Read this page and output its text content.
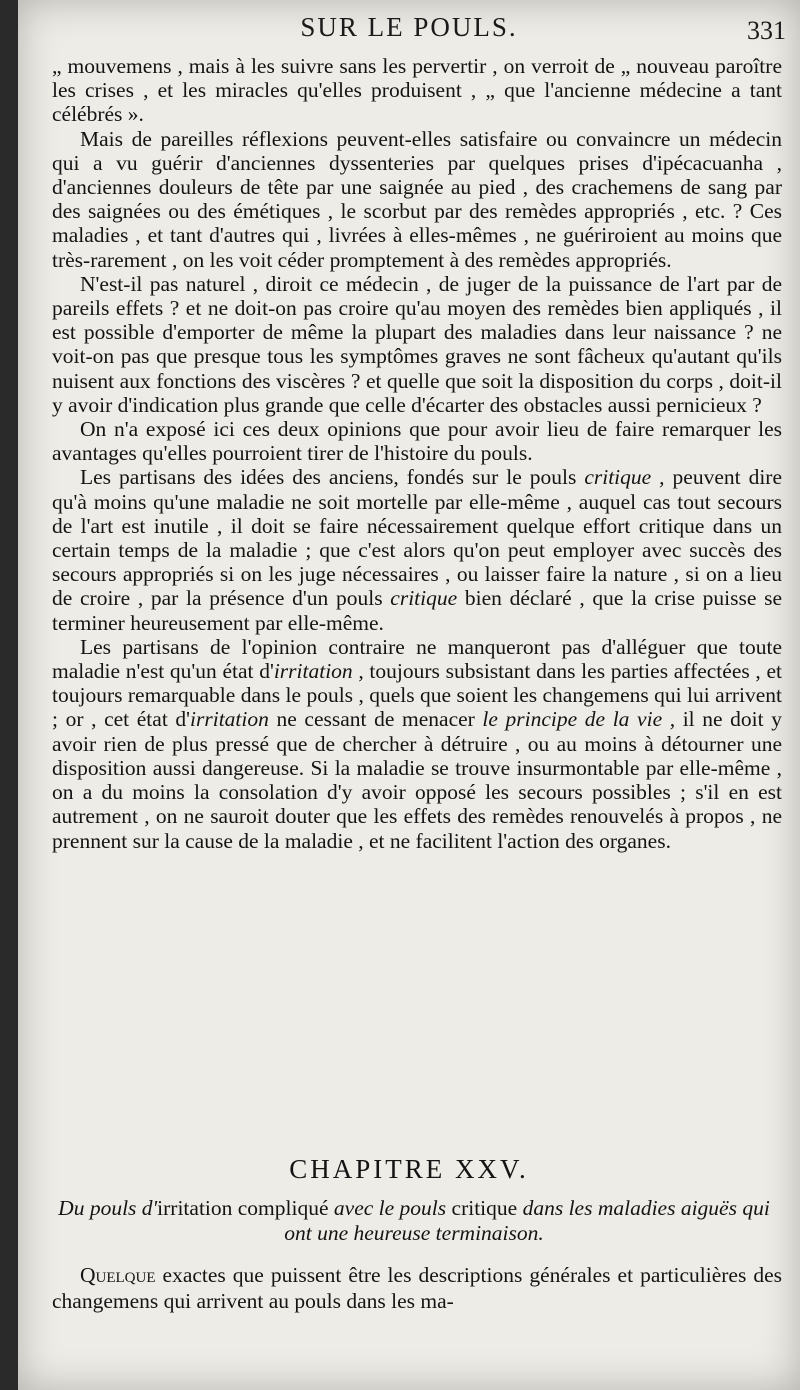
SUR LE POULS.	331

„ mouvemens , mais à les suivre sans les pervertir , on verroit de „ nouveau paroître les crises , et les miracles qu'elles produisent , „ que l'ancienne médecine a tant célébrés ».

Mais de pareilles réflexions peuvent-elles satisfaire ou convaincre un médecin qui a vu guérir d'anciennes dyssenteries par quelques prises d'ipécacuanha , d'anciennes douleurs de tête par une saignée au pied , des crachemens de sang par des saignées ou des émétiques , le scorbut par des remèdes appropriés , etc. ? Ces maladies , et tant d'autres qui , livrées à elles-mêmes , ne guériroient au moins que très-rarement , on les voit céder promptement à des remèdes appropriés.

N'est-il pas naturel , diroit ce médecin , de juger de la puissance de l'art par de pareils effets ? et ne doit-on pas croire qu'au moyen des remèdes bien appliqués , il est possible d'emporter de même la plupart des maladies dans leur naissance ? ne voit-on pas que presque tous les symptômes graves ne sont fâcheux qu'autant qu'ils nuisent aux fonctions des viscères ? et quelle que soit la disposition du corps , doit-il y avoir d'indication plus grande que celle d'écarter des obstacles aussi pernicieux ?

On n'a exposé ici ces deux opinions que pour avoir lieu de faire remarquer les avantages qu'elles pourroient tirer de l'histoire du pouls.

Les partisans des idées des anciens, fondés sur le pouls critique , peuvent dire qu'à moins qu'une maladie ne soit mortelle par elle-même , auquel cas tout secours de l'art est inutile , il doit se faire nécessairement quelque effort critique dans un certain temps de la maladie ; que c'est alors qu'on peut employer avec succès des secours appropriés si on les juge nécessaires , ou laisser faire la nature , si on a lieu de croire , par la présence d'un pouls critique bien déclaré , que la crise puisse se terminer heureusement par elle-même.

Les partisans de l'opinion contraire ne manqueront pas d'alléguer que toute maladie n'est qu'un état d'irritation , toujours subsistant dans les parties affectées , et toujours remarquable dans le pouls , quels que soient les changemens qui lui arrivent ; or , cet état d'irritation ne cessant de menacer le principe de la vie , il ne doit y avoir rien de plus pressé que de chercher à détruire , ou au moins à détourner une disposition aussi dangereuse. Si la maladie se trouve insurmontable par elle-même , on a du moins la consolation d'y avoir opposé les secours possibles ; s'il en est autrement , on ne sauroit douter que les effets des remèdes renouvelés à propos , ne prennent sur la cause de la maladie , et ne facilitent l'action des organes.

CHAPITRE XXV.
Du pouls d'irritation compliqué avec le pouls critique dans les maladies aiguës qui ont une heureuse terminaison.
Quelque exactes que puissent être les descriptions générales et particulières des changemens qui arrivent au pouls dans les ma-
